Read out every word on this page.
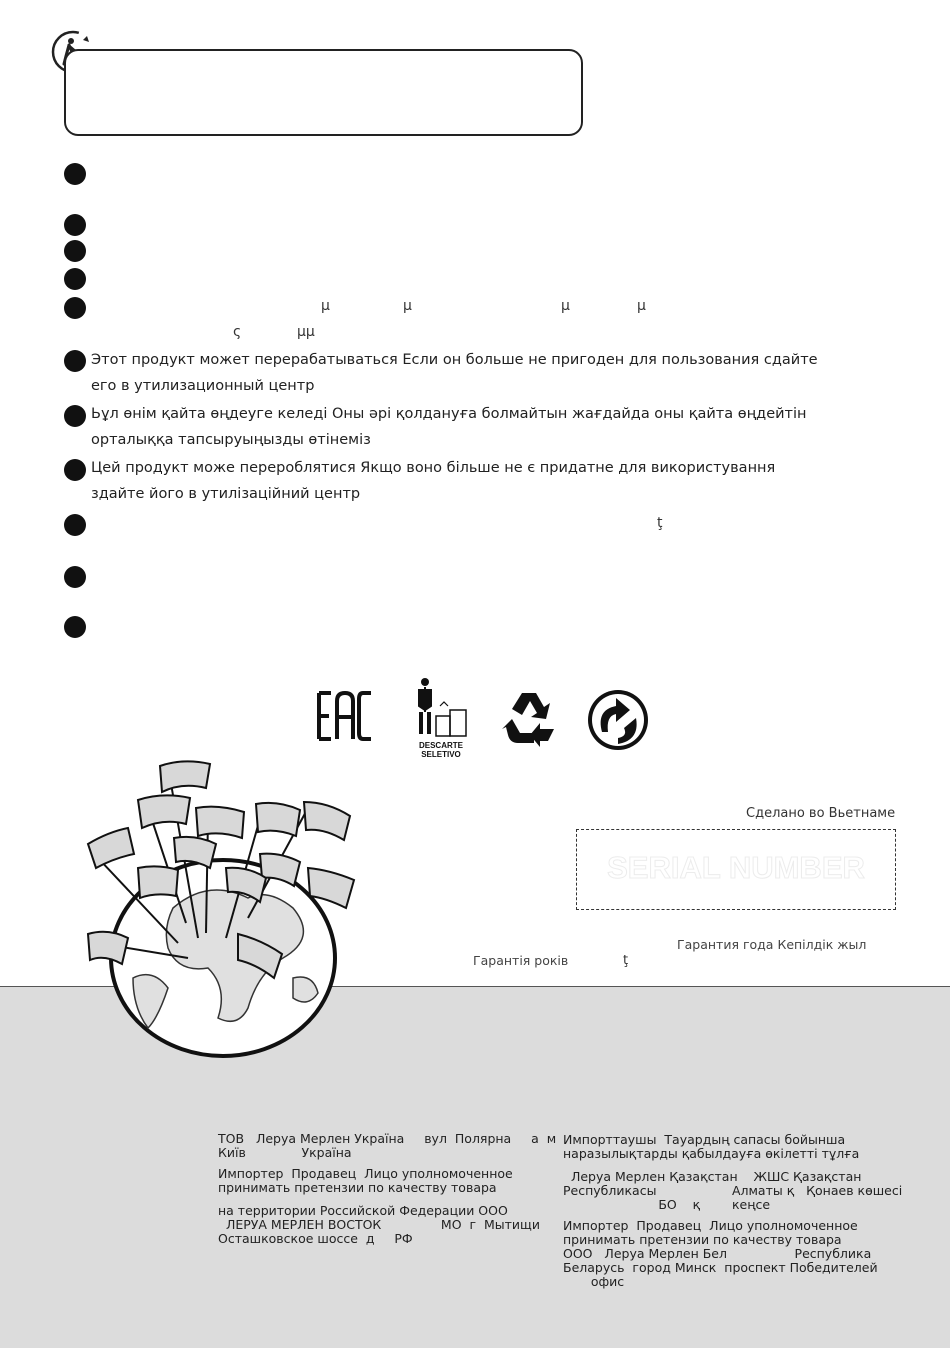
μ	μ	μ	μ
ς	μμ
ţ
Этот продукт может перерабатываться Если он больше не пригоден для пользования сдайте
его в утилизационный центр
Ьұл өнім қайта өңдеуге келеді Оны әрі қолдануға болмайтын жағдайда оны қайта өңдейтін
орталыққа тапсыруыңызды өтінеміз
Цей продукт може перероблятися Якщо воно більше не є придатне для використування
здайте його в утилізаційний центр
DESCARTE
SELETIVO
Сделано во Вьетнаме
SERIAL NUMBER
Гарантия года Кепілдік жыл
Гарантія років	ţ
ТОВ   Леруа Мерлен Україна     вул  Полярна     а  м
Київ              Україна
Импортер  Продавец  Лицо уполномоченное
принимать претензии по качеству товара
на территории Российской Федерации ООО
ЛЕРУА МЕРЛЕН ВОСТОК               МО  г  Мытищи
Осташковское шоссе  д     РФ
Импорттаушы  Тауардың сапасы бойынша
наразылықтарды қабылдауға өкілетті тұлға
Леруа Мерлен Қазақстан    ЖШС Қазақстан
Республикасы                   Алматы қ   Қонаев көшесі
БО    қ        кеңсе
Импортер  Продавец  Лицо уполномоченное
принимать претензии по качеству товара
ООО   Леруа Мерлен Бел                 Республика
Беларусь  город Минск  проспект Победителей
офис
